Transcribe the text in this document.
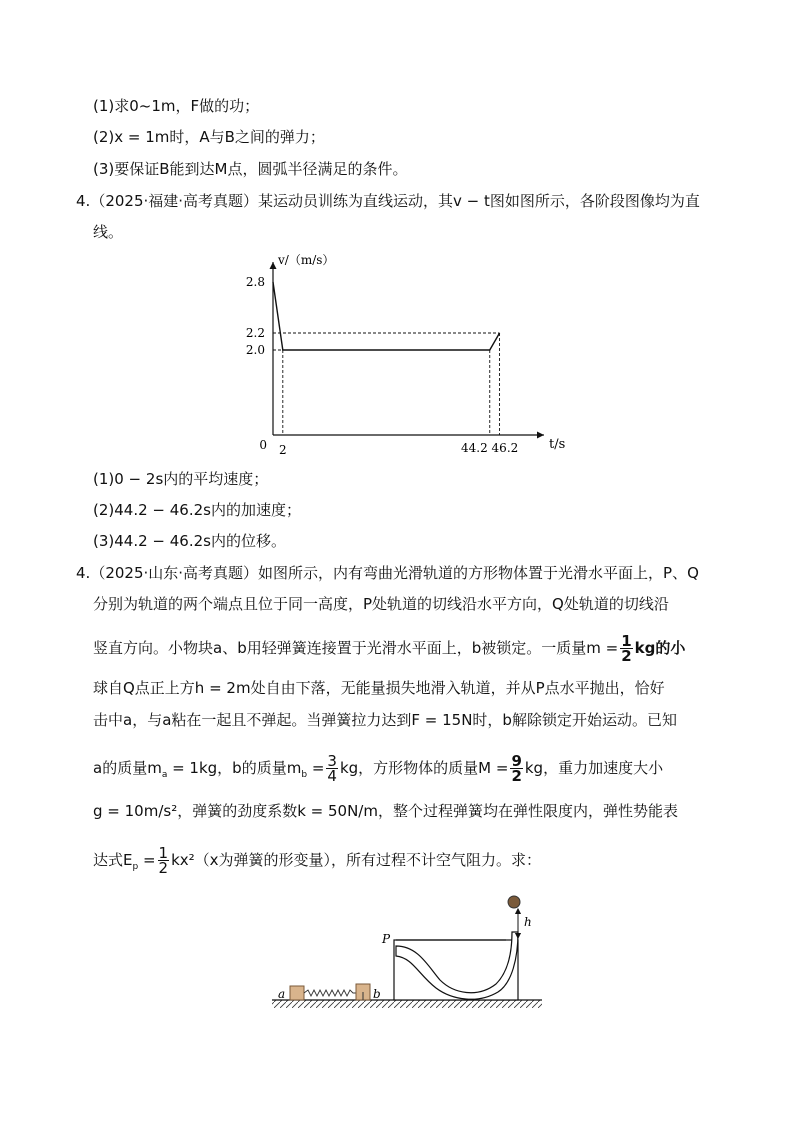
(1)求0~1m，F做的功；
(2)x = 1m时，A与B之间的弹力；
(3)要保证B能到达M点，圆弧半径满足的条件。
4.（2025·福建·高考真题）某运动员训练为直线运动，其v − t图如图所示，各阶段图像均为直
线。
v/（m/s）
t/s
2.8
2.2
2.0
0 2	44.2 46.2
(1)0 − 2s内的平均速度；
(2)44.2 − 46.2s内的加速度；
(3)44.2 − 46.2s内的位移。
4.（2025·山东·高考真题）如图所示，内有弯曲光滑轨道的方形物体置于光滑水平面上，P、Q
分别为轨道的两个端点且位于同一高度，P处轨道的切线沿水平方向，Q处轨道的切线沿
竖直方向。小物块a、b用轻弹簧连接置于光滑水平面上，b被锁定。一质量$m = \frac{1}{2}$ kg的小
球自Q点正上方h = 2m处自由下落，无能量损失地滑入轨道，并从P点水平抛出，恰好
击中a，与a粘在一起且不弹起。当弹簧拉力达到F = 15N时，b解除锁定开始运动。已知
a的质量$m_a = 1kg$，b的质量$m_b = \frac{3}{4}$ kg，方形物体的质量$M = \frac{9}{2}$ kg，重力加速度大小
g = 10m/s²，弹簧的劲度系数k = 50N/m，整个过程弹簧均在弹性限度内，弹性势能表
达式$E_p = \frac{1}{2} kx^2(x$为弹簧的形变量），所有过程不计空气阻力。求：
P
h
a	b
